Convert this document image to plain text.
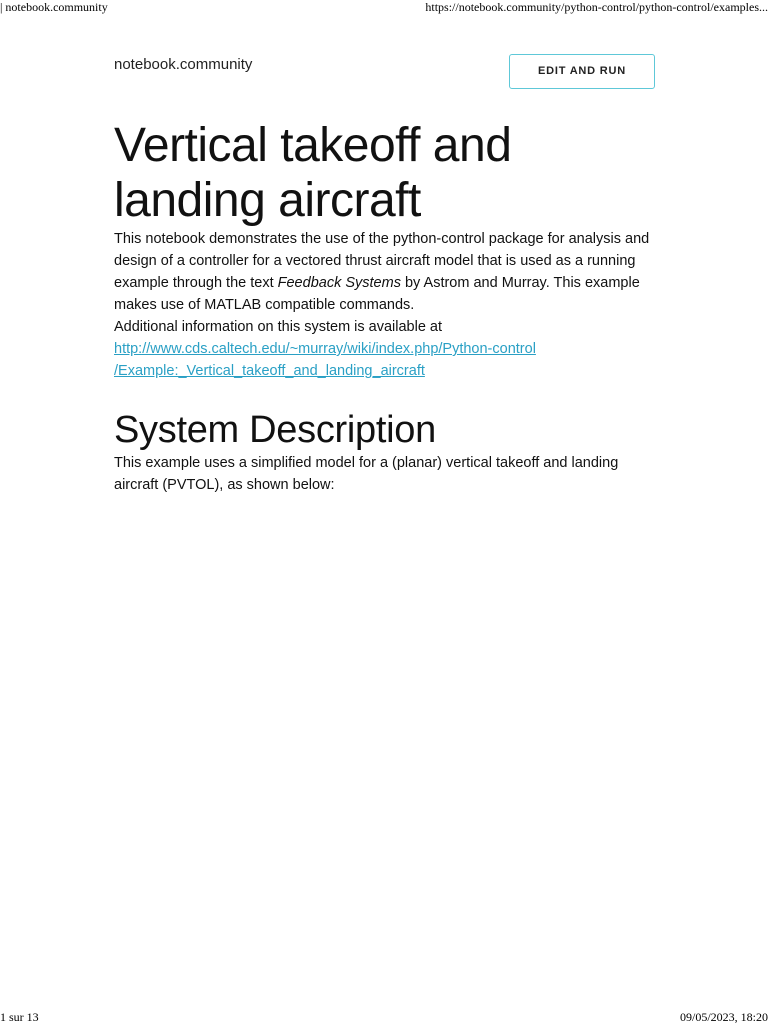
| notebook.community	https://notebook.community/python-control/python-control/examples...
notebook.community	EDIT AND RUN
Vertical takeoff and landing aircraft

This notebook demonstrates the use of the python-control package for analysis and design of a controller for a vectored thrust aircraft model that is used as a running example through the text Feedback Systems by Astrom and Murray. This example makes use of MATLAB compatible commands.

Additional information on this system is available at

http://www.cds.caltech.edu/~murray/wiki/index.php/Python-control
/Example:_Vertical_takeoff_and_landing_aircraft

System Description

This example uses a simplified model for a (planar) vertical takeoff and landing aircraft (PVTOL), as shown below:

1 sur 13	09/05/2023, 18:20
